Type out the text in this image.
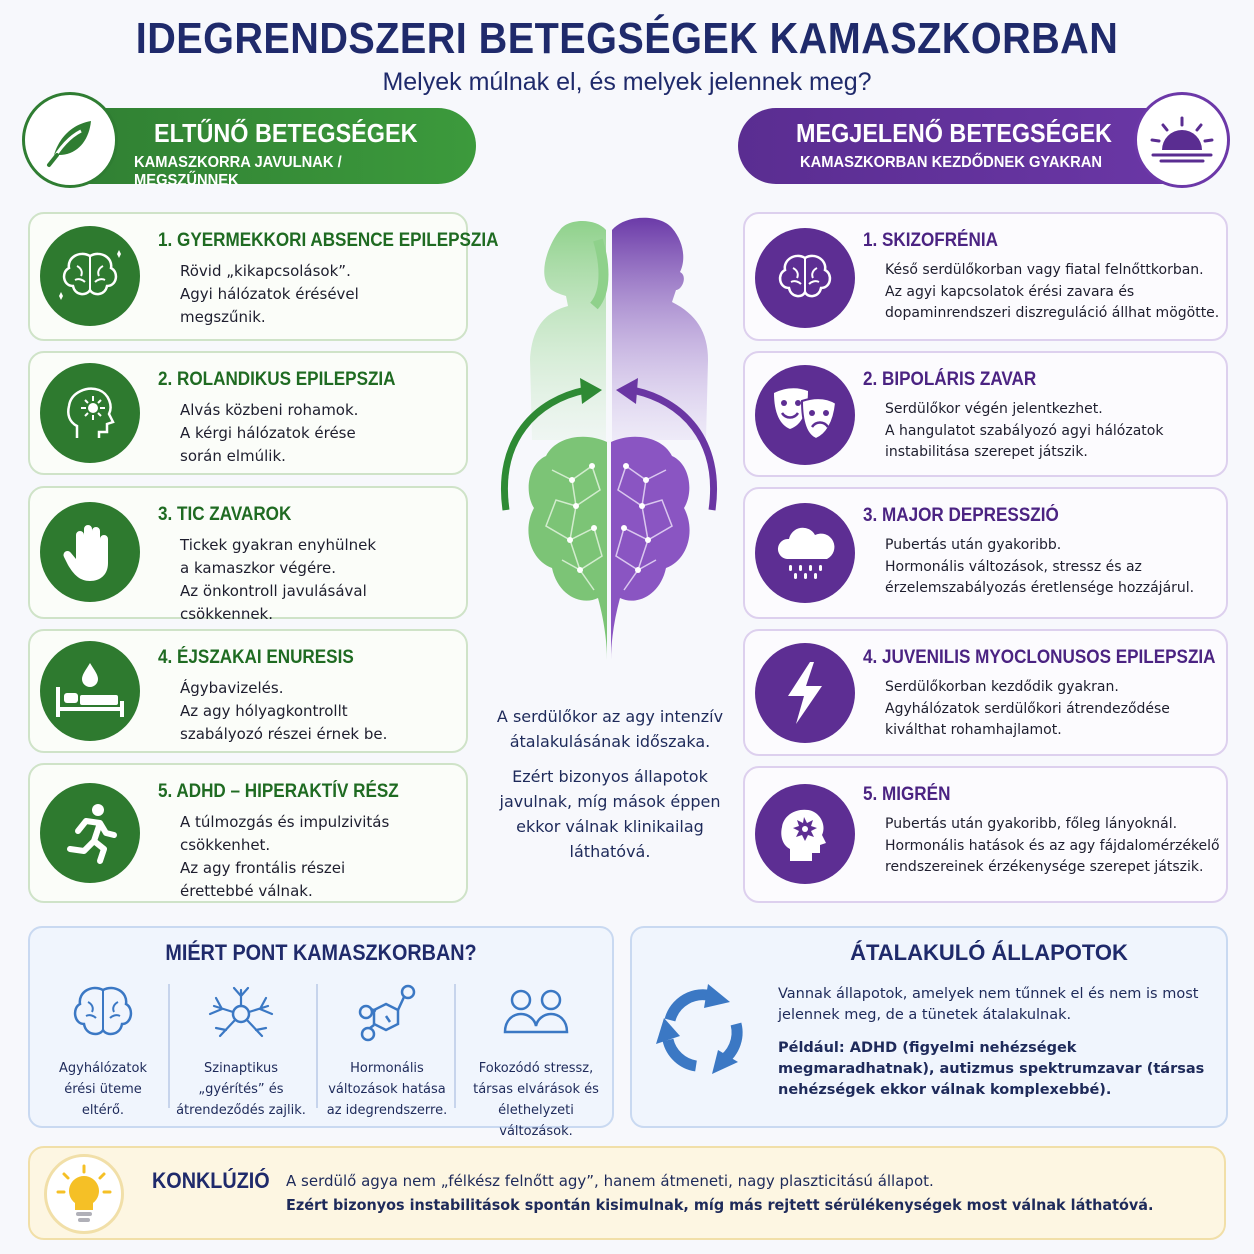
IDEGRENDSZERI BETEGSÉGEK KAMASZKORBAN
Melyek múlnak el, és melyek jelennek meg?
ELTŰNŐ BETEGSÉGEK
KAMASZKORRA JAVULNAK / MEGSZŰNNEK
MEGJELENŐ BETEGSÉGEK
KAMASZKORBAN KEZDŐDNEK GYAKRAN
1. GYERMEKKORI ABSENCE EPILEPSZIA
Rövid „kikapcsolások”.
Agyi hálózatok érésével
megszűnik.
2. ROLANDIKUS EPILEPSZIA
Alvás közbeni rohamok.
A kérgi hálózatok érése
során elmúlik.
3. TIC ZAVAROK
Tickek gyakran enyhülnek
a kamaszkor végére.
Az önkontroll javulásával
csökkennek.
4. ÉJSZAKAI ENURESIS
Ágybavizelés.
Az agy hólyagkontrollt
szabályozó részei érnek be.
5. ADHD – HIPERAKTÍV RÉSZ
A túlmozgás és impulzivitás
csökkenhet.
Az agy frontális részei
érettebbé válnak.
1. SKIZOFRÉNIA
Késő serdülőkorban vagy fiatal felnőttkorban.
Az agyi kapcsolatok érési zavara és
dopaminrendszeri diszreguláció állhat mögötte.
2. BIPOLÁRIS ZAVAR
Serdülőkor végén jelentkezhet.
A hangulatot szabályozó agyi hálózatok
instabilitása szerepet játszik.
3. MAJOR DEPRESSZIÓ
Pubertás után gyakoribb.
Hormonális változások, stressz és az
érzelemszabályozás éretlensége hozzájárul.
4. JUVENILIS MYOCLONUSOS EPILEPSZIA
Serdülőkorban kezdődik gyakran.
Agyhálózatok serdülőkori átrendeződése
kiválthat rohamhajlamot.
5. MIGRÉN
Pubertás után gyakoribb, főleg lányoknál.
Hormonális hatások és az agy fájdalomérzékelő
rendszereinek érzékenysége szerepet játszik.
A serdülőkor az agy intenzív átalakulásának időszaka.
Ezért bizonyos állapotok javulnak, míg mások éppen ekkor válnak klinikailag láthatóvá.
MIÉRT PONT KAMASZKORBAN?
Agyhálózatok
érési üteme
eltérő.
Szinaptikus
„gyérítés” és
átrendeződés zajlik.
Hormonális
változások hatása
az idegrendszerre.
Fokozódó stressz,
társas elvárások és
élethelyzeti változások.
ÁTALAKULÓ ÁLLAPOTOK
Vannak állapotok, amelyek nem tűnnek el és nem is most jelennek meg, de a tünetek átalakulnak.
Például: ADHD (figyelmi nehézségek megmaradhatnak), autizmus spektrumzavar (társas nehézségek ekkor válnak komplexebbé).
KONKLÚZIÓ A serdülő agya nem „félkész felnőtt agy”, hanem átmeneti, nagy plaszticitású állapot.
Ezért bizonyos instabilitások spontán kisimulnak, míg más rejtett sérülékenységek most válnak láthatóvá.
